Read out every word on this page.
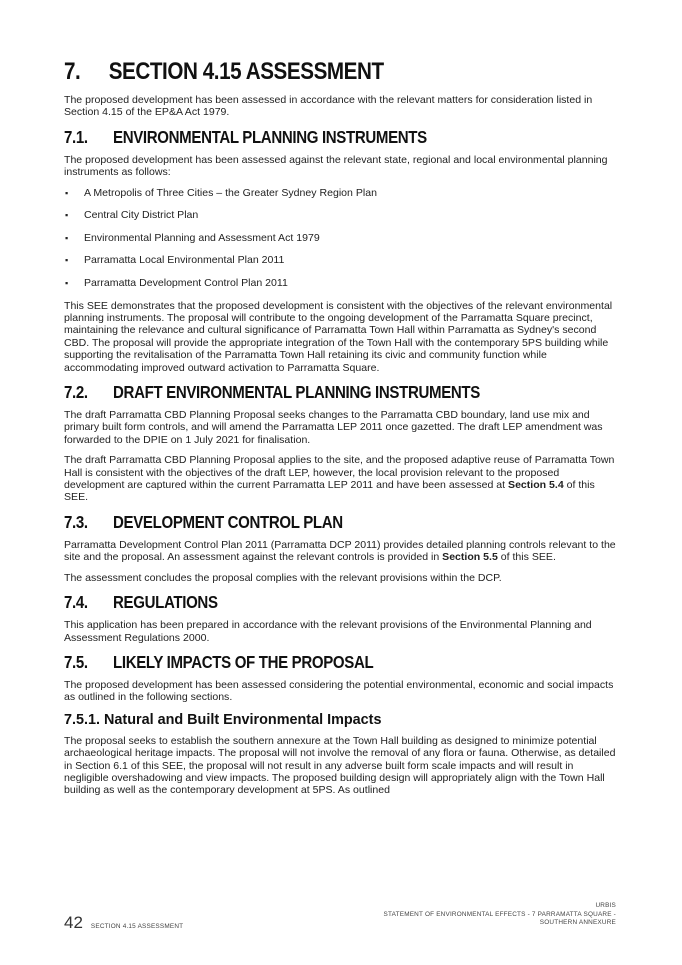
7. SECTION 4.15 ASSESSMENT

The proposed development has been assessed in accordance with the relevant matters for consideration listed in Section 4.15 of the EP&A Act 1979.

7.1. ENVIRONMENTAL PLANNING INSTRUMENTS

The proposed development has been assessed against the relevant state, regional and local environmental planning instruments as follows:

▪ A Metropolis of Three Cities – the Greater Sydney Region Plan
▪ Central City District Plan
▪ Environmental Planning and Assessment Act 1979
▪ Parramatta Local Environmental Plan 2011
▪ Parramatta Development Control Plan 2011

This SEE demonstrates that the proposed development is consistent with the objectives of the relevant environmental planning instruments. The proposal will contribute to the ongoing development of the Parramatta Square precinct, maintaining the relevance and cultural significance of Parramatta Town Hall within Parramatta as Sydney's second CBD. The proposal will provide the appropriate integration of the Town Hall with the contemporary 5PS building while supporting the revitalisation of the Parramatta Town Hall retaining its civic and community function while accommodating improved outward activation to Parramatta Square.

7.2. DRAFT ENVIRONMENTAL PLANNING INSTRUMENTS

The draft Parramatta CBD Planning Proposal seeks changes to the Parramatta CBD boundary, land use mix and primary built form controls, and will amend the Parramatta LEP 2011 once gazetted. The draft LEP amendment was forwarded to the DPIE on 1 July 2021 for finalisation.

The draft Parramatta CBD Planning Proposal applies to the site, and the proposed adaptive reuse of Parramatta Town Hall is consistent with the objectives of the draft LEP, however, the local provision relevant to the proposed development are captured within the current Parramatta LEP 2011 and have been assessed at Section 5.4 of this SEE.

7.3. DEVELOPMENT CONTROL PLAN

Parramatta Development Control Plan 2011 (Parramatta DCP 2011) provides detailed planning controls relevant to the site and the proposal. An assessment against the relevant controls is provided in Section 5.5 of this SEE.

The assessment concludes the proposal complies with the relevant provisions within the DCP.

7.4. REGULATIONS

This application has been prepared in accordance with the relevant provisions of the Environmental Planning and Assessment Regulations 2000.

7.5. LIKELY IMPACTS OF THE PROPOSAL

The proposed development has been assessed considering the potential environmental, economic and social impacts as outlined in the following sections.

7.5.1. Natural and Built Environmental Impacts

The proposal seeks to establish the southern annexure at the Town Hall building as designed to minimize potential archaeological heritage impacts. The proposal will not involve the removal of any flora or fauna. Otherwise, as detailed in Section 6.1 of this SEE, the proposal will not result in any adverse built form scale impacts and will result in negligible overshadowing and view impacts. The proposed building design will appropriately align with the Town Hall building as well as the contemporary development at 5PS. As outlined

42 SECTION 4.15 ASSESSMENT
URBIS
STATEMENT OF ENVIRONMENTAL EFFECTS - 7 PARRAMATTA SQUARE -
SOUTHERN ANNEXURE
